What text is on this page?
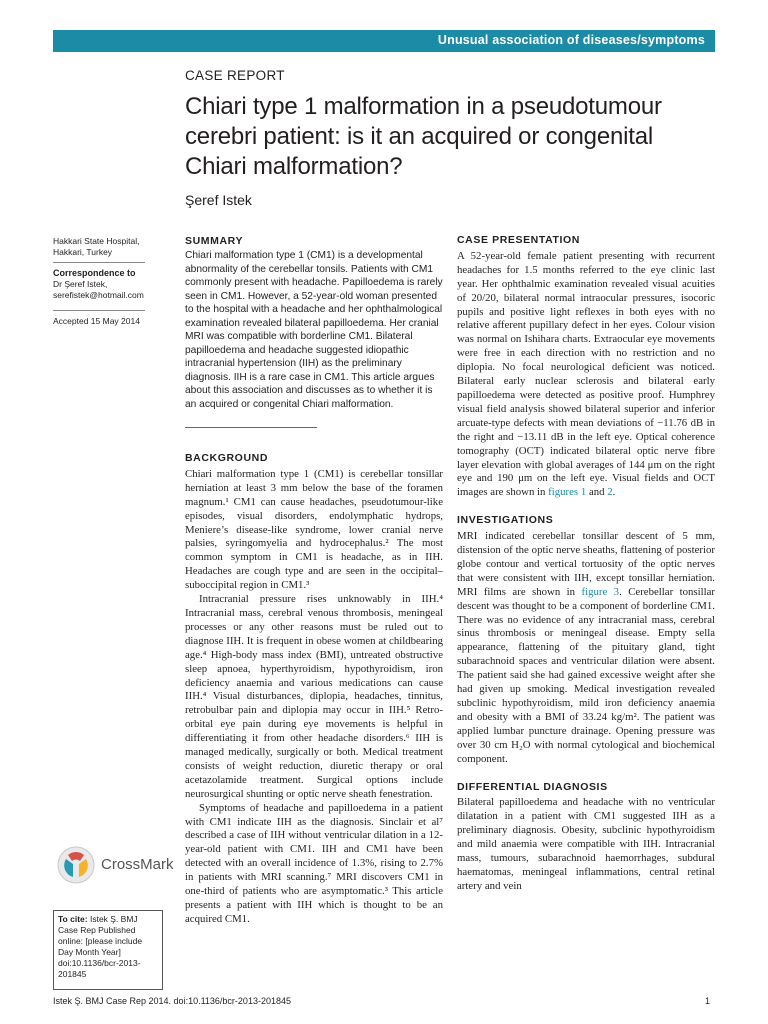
Unusual association of diseases/symptoms
CASE REPORT
Chiari type 1 malformation in a pseudotumour cerebri patient: is it an acquired or congenital Chiari malformation?
Şeref Istek
Hakkari State Hospital, Hakkari, Turkey
Correspondence to
Dr Şeref Istek,
serefistek@hotmail.com
Accepted 15 May 2014

SUMMARY

Chiari malformation type 1 (CM1) is a developmental abnormality of the cerebellar tonsils. Patients with CM1 commonly present with headache. Papilloedema is rarely seen in CM1. However, a 52-year-old woman presented to the hospital with a headache and her ophthalmological examination revealed bilateral papilloedema. Her cranial MRI was compatible with borderline CM1. Bilateral papilloedema and headache suggested idiopathic intracranial hypertension (IIH) as the preliminary diagnosis. IIH is a rare case in CM1. This article argues about this association and discusses as to whether it is an acquired or congenital Chiari malformation.

BACKGROUND

Chiari malformation type 1 (CM1) is cerebellar tonsillar herniation at least 3 mm below the base of the foramen magnum.¹ CM1 can cause headaches, pseudotumour-like episodes, visual disorders, endolymphatic hydrops, Meniere’s disease-like syndrome, lower cranial nerve palsies, syringomyelia and hydrocephalus.² The most common symptom in CM1 is headache, as in IIH. Headaches are cough type and are seen in the occipital–suboccipital region in CM1.³

Intracranial pressure rises unknowably in IIH.⁴ Intracranial mass, cerebral venous thrombosis, meningeal processes or any other reasons must be ruled out to diagnose IIH. It is frequent in obese women at childbearing age.⁴ High-body mass index (BMI), untreated obstructive sleep apnoea, hyperthyroidism, hypothyroidism, iron deficiency anaemia and various medications can cause IIH.⁴ Visual disturbances, diplopia, headaches, tinnitus, retrobulbar pain and diplopia may occur in IIH.⁵ Retro-orbital eye pain during eye movements is helpful in differentiating it from other headache disorders.⁶ IIH is managed medically, surgically or both. Medical treatment consists of weight reduction, diuretic therapy or oral acetazolamide treatment. Surgical options include neurosurgical shunting or optic nerve sheath fenestration.

Symptoms of headache and papilloedema in a patient with CM1 indicate IIH as the diagnosis. Sinclair et al⁷ described a case of IIH without ventricular dilation in a 12-year-old patient with CM1. IIH and CM1 have been detected with an overall incidence of 1.3%, rising to 2.7% in patients with MRI scanning.⁷ MRI discovers CM1 in one-third of patients who are asymptomatic.³ This article presents a patient with IIH which is thought to be an acquired CM1.

CASE PRESENTATION

A 52-year-old female patient presenting with recurrent headaches for 1.5 months referred to the eye clinic last year. Her ophthalmic examination revealed visual acuities of 20/20, bilateral normal intraocular pressures, isocoric pupils and positive light reflexes in both eyes with no relative afferent pupillary defect in her eyes. Colour vision was normal on Ishihara charts. Extraocular eye movements were free in each direction with no restriction and no diplopia. No focal neurological deficient was noticed. Bilateral early nuclear sclerosis and bilateral early papilloedema were detected as positive proof. Humphrey visual field analysis showed bilateral superior and inferior arcuate-type defects with mean deviations of −11.76 dB in the right and −13.11 dB in the left eye. Optical coherence tomography (OCT) indicated bilateral optic nerve fibre layer elevation with global averages of 144 μm on the right eye and 190 μm on the left eye. Visual fields and OCT images are shown in figures 1 and 2.

INVESTIGATIONS

MRI indicated cerebellar tonsillar descent of 5 mm, distension of the optic nerve sheaths, flattening of posterior globe contour and vertical tortuosity of the optic nerves that were consistent with IIH, except tonsillar herniation. MRI films are shown in figure 3. Cerebellar tonsillar descent was thought to be a component of borderline CM1. There was no evidence of any intracranial mass, cerebral sinus thrombosis or meningeal disease. Empty sella appearance, flattening of the pituitary gland, tight subarachnoid spaces and ventricular dilation were absent. The patient said she had gained excessive weight after she had given up smoking. Medical investigation revealed subclinic hypothyroidism, mild iron deficiency anaemia and obesity with a BMI of 33.24 kg/m². The patient was applied lumbar puncture drainage. Opening pressure was over 30 cm H₂O with normal cytological and biochemical component.

DIFFERENTIAL DIAGNOSIS

Bilateral papilloedema and headache with no ventricular dilatation in a patient with CM1 suggested IIH as a preliminary diagnosis. Obesity, subclinic hypothyroidism and mild anaemia were compatible with IIH. Intracranial mass, tumours, subarachnoid haemorrhages, subdural haematomas, meningeal inflammations, central retinal artery and vein

CrossMark
To cite: Istek Ş. BMJ Case Rep Published online: [please include Day Month Year] doi:10.1136/bcr-2013-201845
Istek Ş. BMJ Case Rep 2014. doi:10.1136/bcr-2013-201845	1
